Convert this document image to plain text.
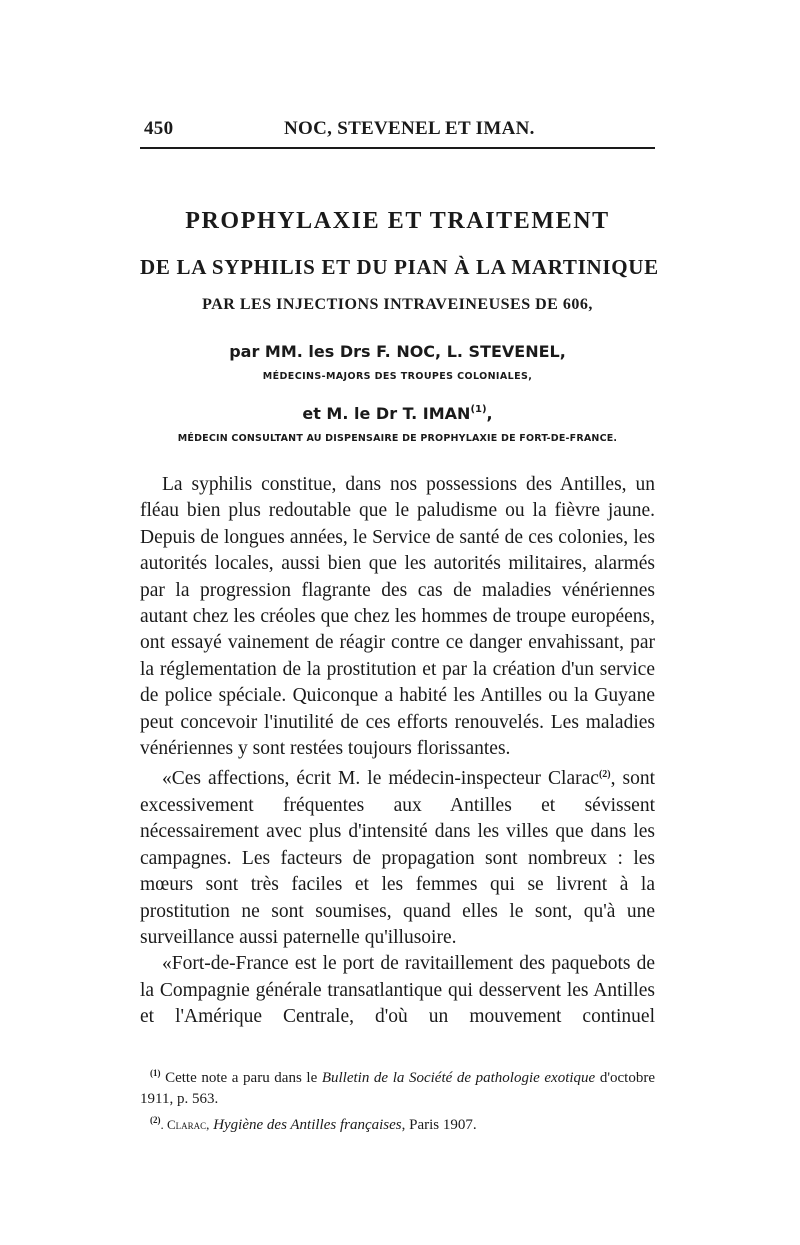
450	NOC, STEVENEL ET IMAN.
PROPHYLAXIE ET TRAITEMENT
DE LA SYPHILIS ET DU PIAN À LA MARTINIQUE
PAR LES INJECTIONS INTRAVEINEUSES DE 606,
par MM. les Drs F. NOC, L. STEVENEL,
MÉDECINS-MAJORS DES TROUPES COLONIALES,
et M. le Dr T. IMAN$^{(1)}$,
MÉDECIN CONSULTANT AU DISPENSAIRE DE PROPHYLAXIE DE FORT-DE-FRANCE.

La syphilis constitue, dans nos possessions des Antilles, un fléau bien plus redoutable que le paludisme ou la fièvre jaune. Depuis de longues années, le Service de santé de ces colonies, les autorités locales, aussi bien que les autorités militaires, alarmés par la progression flagrante des cas de maladies vénériennes autant chez les créoles que chez les hommes de troupe européens, ont essayé vainement de réagir contre ce danger envahissant, par la réglementation de la prostitution et par la création d'un service de police spéciale. Quiconque a habité les Antilles ou la Guyane peut concevoir l'inutilité de ces efforts renouvelés. Les maladies vénériennes y sont restées toujours florissantes.

«Ces affections, écrit M. le médecin-inspecteur Clarac$^{(2)}$, sont excessivement fréquentes aux Antilles et sévissent nécessairement avec plus d'intensité dans les villes que dans les campagnes. Les facteurs de propagation sont nombreux : les mœurs sont très faciles et les femmes qui se livrent à la prostitution ne sont soumises, quand elles le sont, qu'à une surveillance aussi paternelle qu'illusoire.

«Fort-de-France est le port de ravitaillement des paquebots de la Compagnie générale transatlantique qui desservent les Antilles et l'Amérique Centrale, d'où un mouvement continuel

$^{(1)}$ Cette note a paru dans le Bulletin de la Société de pathologie exotique d'octobre 1911, p. 563.

$^{(2)}$. Clarac, Hygiène des Antilles françaises, Paris 1907.
